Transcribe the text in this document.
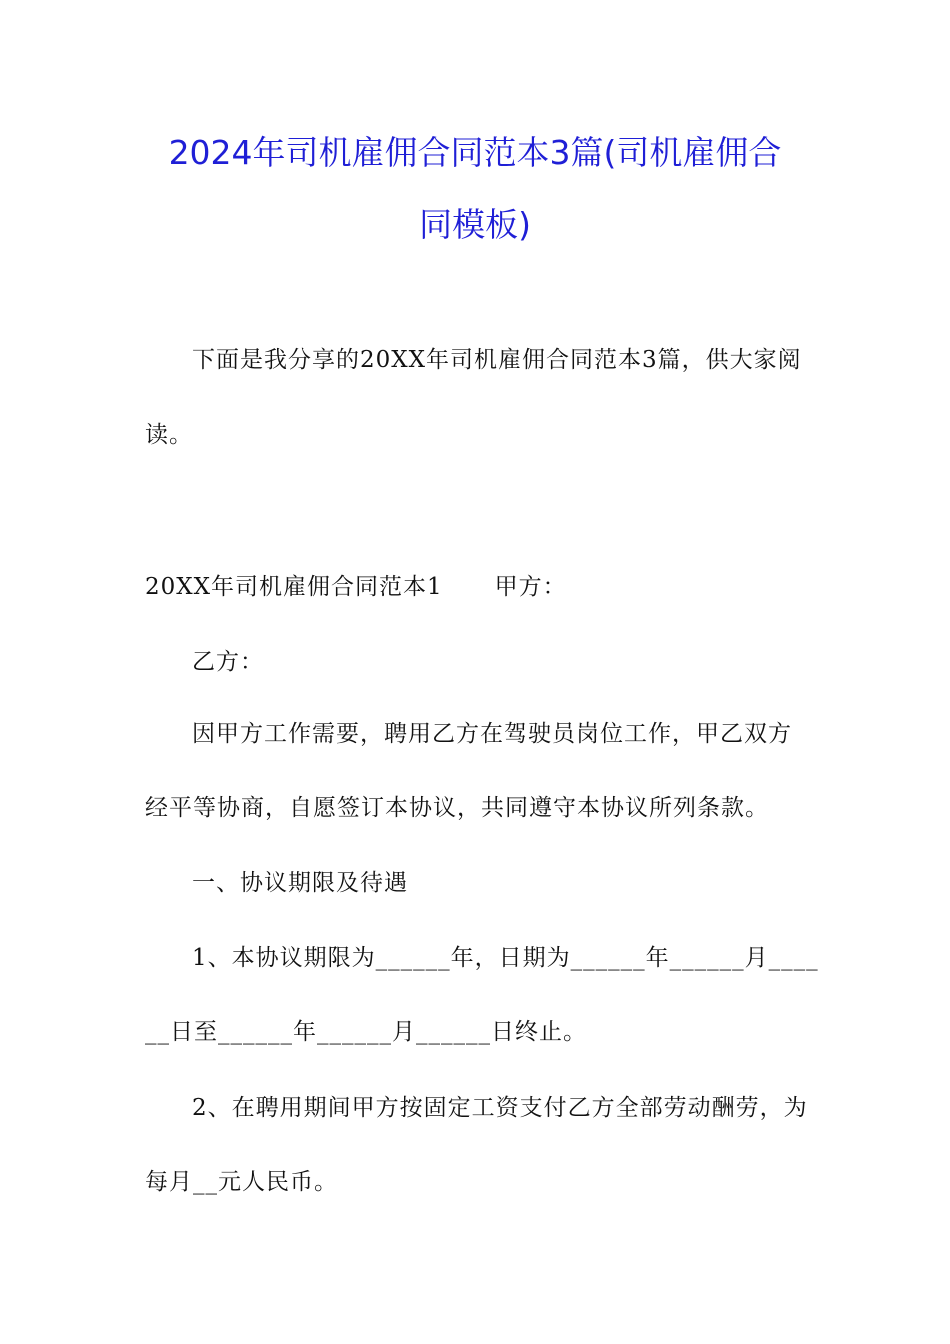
2024年司机雇佣合同范本3篇(司机雇佣合
同模板)
下面是我分享的20XX年司机雇佣合同范本3篇，供大家阅
读。
20XX年司机雇佣合同范本1 甲方：
乙方：
因甲方工作需要，聘用乙方在驾驶员岗位工作，甲乙双方
经平等协商，自愿签订本协议，共同遵守本协议所列条款。
一、协议期限及待遇
1、本协议期限为______年，日期为______年______月____
__日至______年______月______日终止。
2、在聘用期间甲方按固定工资支付乙方全部劳动酬劳，为
每月__元人民币。
